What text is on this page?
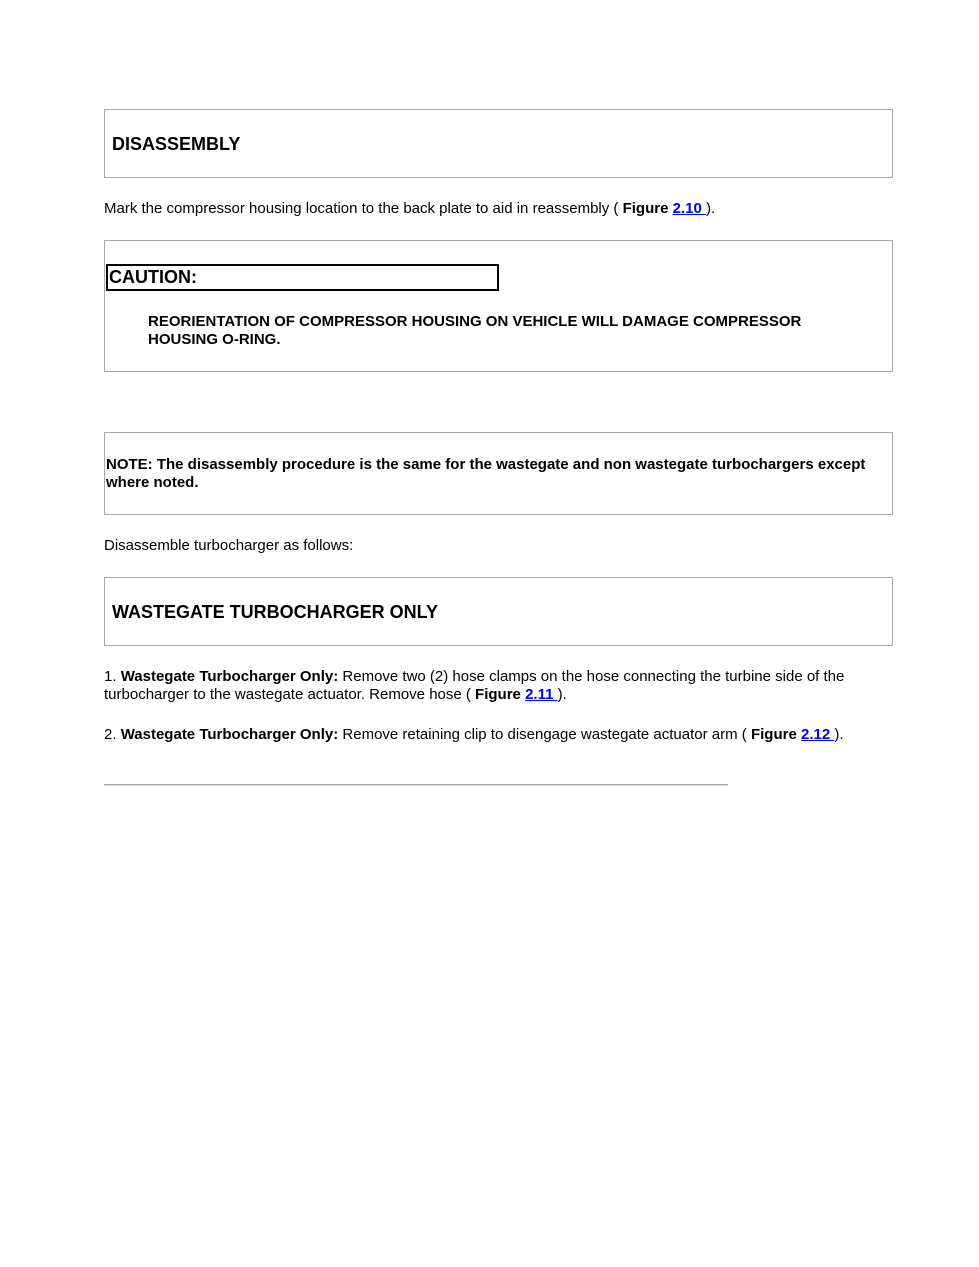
DISASSEMBLY
Mark the compressor housing location to the back plate to aid in reassembly ( Figure 2.10 ).
CAUTION:
REORIENTATION OF COMPRESSOR HOUSING ON VEHICLE WILL DAMAGE COMPRESSOR HOUSING O-RING.
NOTE: The disassembly procedure is the same for the wastegate and non wastegate turbochargers except where noted.
Disassemble turbocharger as follows:
WASTEGATE TURBOCHARGER ONLY
1. Wastegate Turbocharger Only: Remove two (2) hose clamps on the hose connecting the turbine side of the turbocharger to the wastegate actuator. Remove hose ( Figure 2.11 ).
2. Wastegate Turbocharger Only: Remove retaining clip to disengage wastegate actuator arm ( Figure 2.12 ).
